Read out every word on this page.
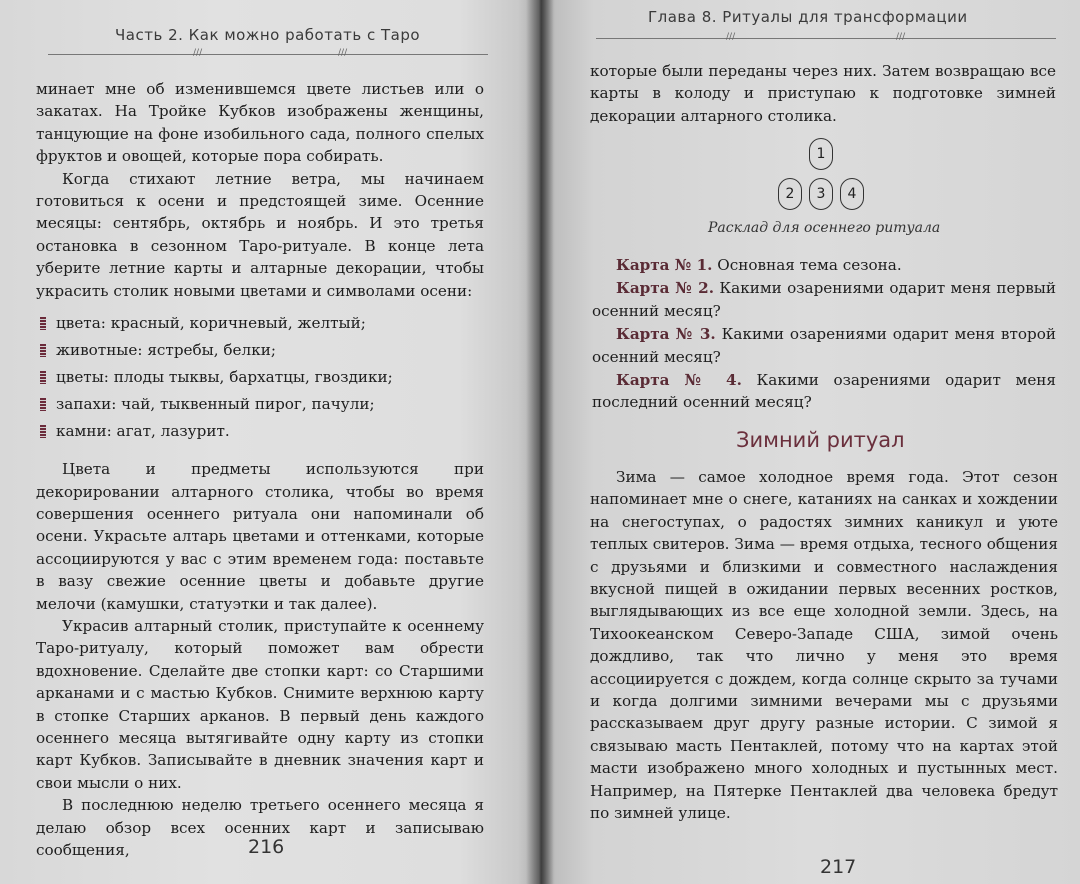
Часть 2. Как можно работать с Таро
///	///

минает мне об изменившемся цвете листьев или о закатах. На Тройке Кубков изображены женщины, танцующие на фоне изобильного сада, полного спелых фруктов и овощей, которые пора собирать.

Когда стихают летние ветра, мы начинаем готовиться к осени и предстоящей зиме. Осенние месяцы: сентябрь, октябрь и ноябрь. И это третья остановка в сезонном Таро-ритуале. В конце лета уберите летние карты и алтарные декорации, чтобы украсить столик новыми цветами и символами осени:

цвета: красный, коричневый, желтый;
животные: ястребы, белки;
цветы: плоды тыквы, бархатцы, гвоздики;
запахи: чай, тыквенный пирог, пачули;
камни: агат, лазурит.

Цвета и предметы используются при декорировании алтарного столика, чтобы во время совершения осеннего ритуала они напоминали об осени. Украсьте алтарь цветами и оттенками, которые ассоциируются у вас с этим временем года: поставьте в вазу свежие осенние цветы и добавьте другие мелочи (камушки, статуэтки и так далее).

Украсив алтарный столик, приступайте к осеннему Таро-ритуалу, который поможет вам обрести вдохновение. Сделайте две стопки карт: со Старшими арканами и с мастью Кубков. Снимите верхнюю карту в стопке Старших арканов. В первый день каждого осеннего месяца вытягивайте одну карту из стопки карт Кубков. Записывайте в дневник значения карт и свои мысли о них.

В последнюю неделю третьего осеннего месяца я делаю обзор всех осенних карт и записываю сообщения,	216
Глава 8. Ритуалы для трансформации
///	///

которые были переданы через них. Затем возвращаю все карты в колоду и приступаю к подготовке зимней декорации алтарного столика.

1
2	3	4
Расклад для осеннего ритуала

Карта № 1. Основная тема сезона.

Карта № 2. Какими озарениями одарит меня первый осенний месяц?

Карта № 3. Какими озарениями одарит меня второй осенний месяц?

Карта № 4. Какими озарениями одарит меня последний осенний месяц?

Зимний ритуал

Зима — самое холодное время года. Этот сезон напоминает мне о снеге, катаниях на санках и хождении на снегоступах, о радостях зимних каникул и уюте теплых свитеров. Зима — время отдыха, тесного общения с друзьями и близкими и совместного наслаждения вкусной пищей в ожидании первых весенних ростков, выглядывающих из все еще холодной земли. Здесь, на Тихоокеанском Северо-Западе США, зимой очень дождливо, так что лично у меня это время ассоциируется с дождем, когда солнце скрыто за тучами и когда долгими зимними вечерами мы с друзьями рассказываем друг другу разные истории. С зимой я связываю масть Пентаклей, потому что на картах этой масти изображено много холодных и пустынных мест. Например, на Пятерке Пентаклей два человека бредут по зимней улице.

217
